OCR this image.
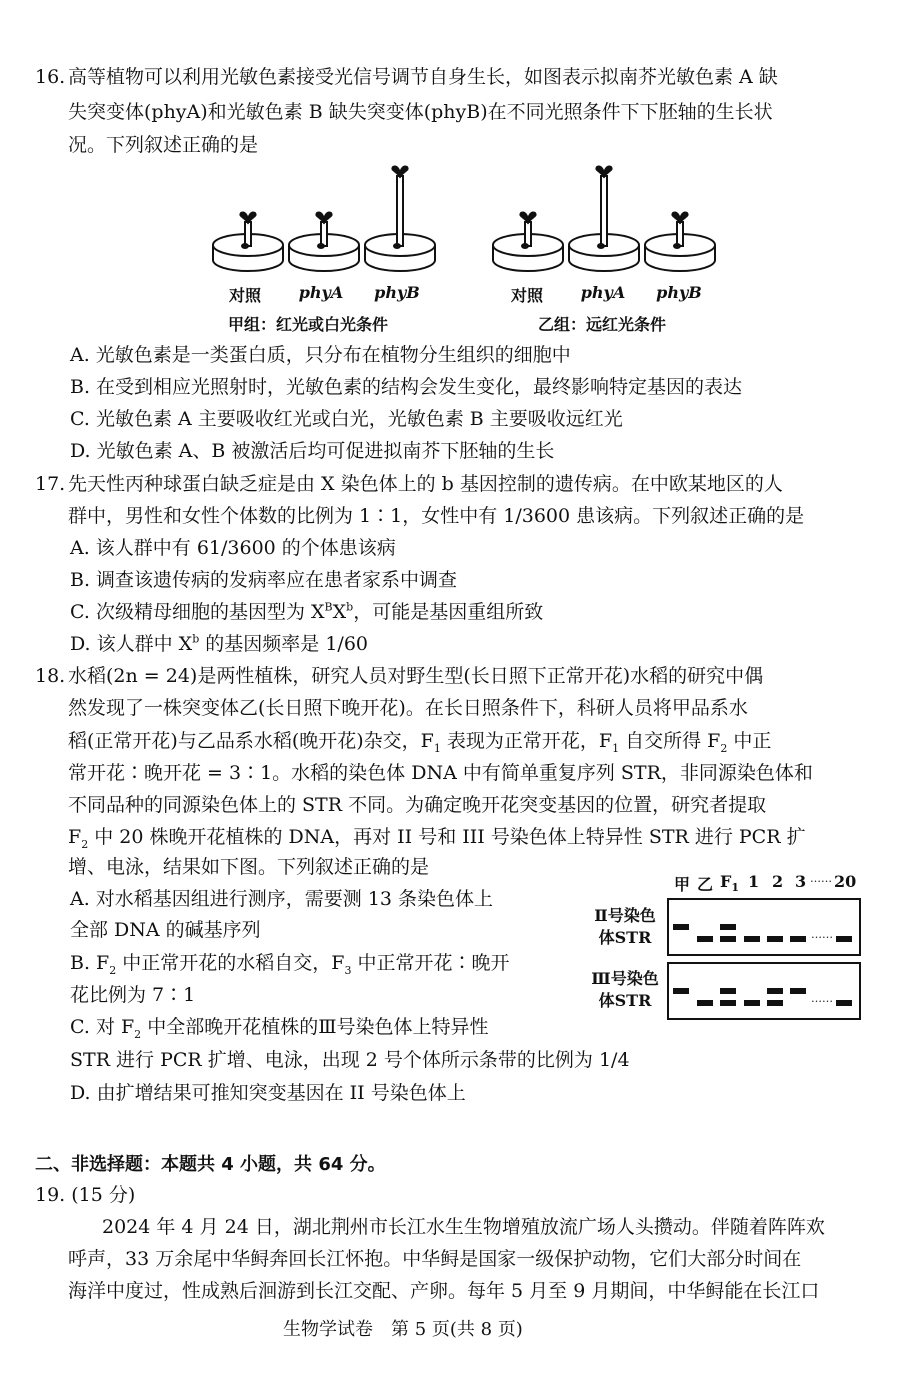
16. 高等植物可以利用光敏色素接受光信号调节自身生长，如图表示拟南芥光敏色素 A 缺
失突变体(phyA)和光敏色素 B 缺失突变体(phyB)在不同光照条件下下胚轴的生长状
况。下列叙述正确的是
对照	phyA phyB	对照	phyA phyB
甲组：红光或白光条件	乙组：远红光条件
A. 光敏色素是一类蛋白质，只分布在植物分生组织的细胞中
B. 在受到相应光照射时，光敏色素的结构会发生变化，最终影响特定基因的表达
C. 光敏色素 A 主要吸收红光或白光，光敏色素 B 主要吸收远红光
D. 光敏色素 A、B 被激活后均可促进拟南芥下胚轴的生长
17. 先天性丙种球蛋白缺乏症是由 X 染色体上的 b 基因控制的遗传病。在中欧某地区的人
群中，男性和女性个体数的比例为 1∶1，女性中有 1/3600 患该病。下列叙述正确的是
A. 该人群中有 61/3600 的个体患该病
B. 调查该遗传病的发病率应在患者家系中调查
C. 次级精母细胞的基因型为 $X^BX^b$，可能是基因重组所致
D. 该人群中 $X^b$ 的基因频率是 1/60
18. 水稻(2n = 24)是两性植株，研究人员对野生型(长日照下正常开花)水稻的研究中偶
然发现了一株突变体乙(长日照下晚开花)。在长日照条件下，科研人员将甲品系水
稻(正常开花)与乙品系水稻(晚开花)杂交，$F_1$ 表现为正常开花，$F_1$ 自交所得 $F_2$ 中正
常开花∶晚开花 = 3∶1。水稻的染色体 DNA 中有简单重复序列 STR，非同源染色体和
不同品种的同源染色体上的 STR 不同。为确定晚开花突变基因的位置，研究者提取
$F_2$ 中 20 株晚开花植株的 DNA，再对 II 号和 III 号染色体上特异性 STR 进行 PCR 扩
增、电泳，结果如下图。下列叙述正确的是
A. 对水稻基因组进行测序，需要测 13 条染色体上
全部 DNA 的碱基序列
B. $F_2$ 中正常开花的水稻自交，$F_3$ 中正常开花∶晚开
花比例为 7∶1
C. 对 $F_2$ 中全部晚开花植株的Ⅲ号染色体上特异性
STR 进行 PCR 扩增、电泳，出现 2 号个体所示条带的比例为 1/4
D. 由扩增结果可推知突变基因在 II 号染色体上
甲 乙 $F_1$ 1 2 3 …… 20
Ⅱ号染色
体STR
Ⅲ号染色
体STR
……
……
二、非选择题：本题共 4 小题，共 64 分。
19. (15 分)
2024 年 4 月 24 日，湖北荆州市长江水生生物增殖放流广场人头攒动。伴随着阵阵欢
呼声，33 万余尾中华鲟奔回长江怀抱。中华鲟是国家一级保护动物，它们大部分时间在
海洋中度过，性成熟后洄游到长江交配、产卵。每年 5 月至 9 月期间，中华鲟能在长江口
生物学试卷　第 5 页(共 8 页)
